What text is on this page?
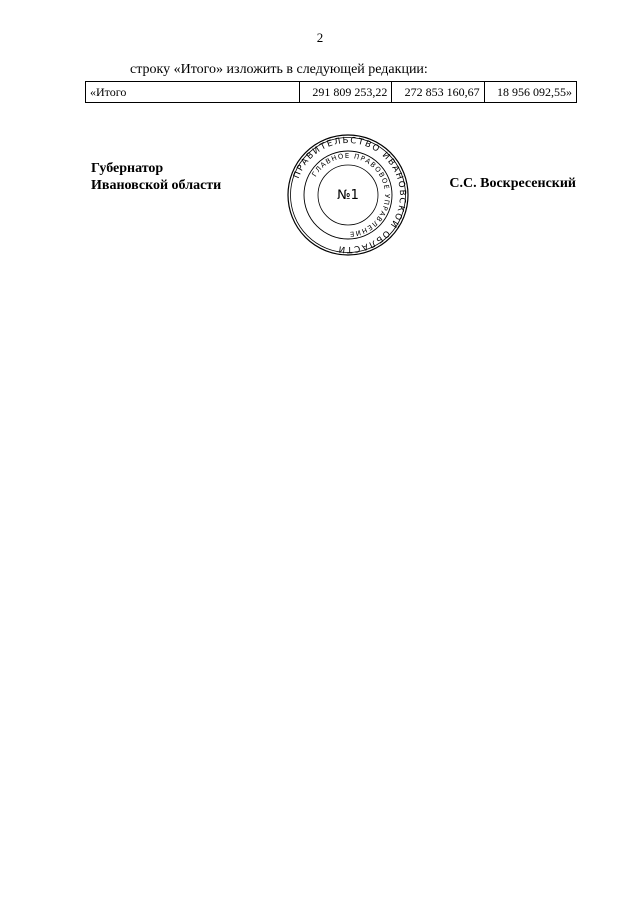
2
строку «Итого» изложить в следующей редакции:
«Итого	291 809 253,22	272 853 160,67	18 956 092,55»
Губернатор
Ивановской области
ПРАВИТЕЛЬСТВО ИВАНОВСКОЙ ОБЛАСТИ
ГЛАВНОЕ ПРАВОВОЕ УПРАВЛЕНИЕ
№1
С.С. Воскресенский
